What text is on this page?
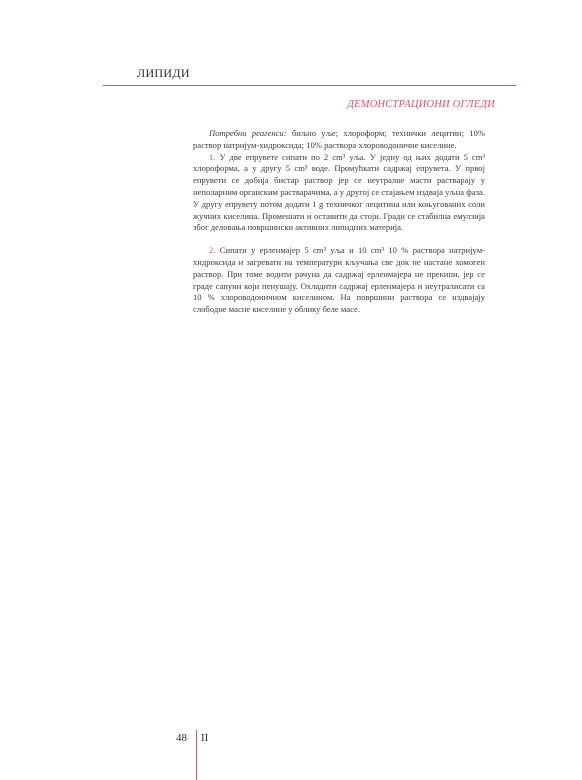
ЛИПИДИ
ДЕМОНСТРАЦИОНИ ОГЛЕДИ

Потребни реагенси: биљно уље; хлороформ; технички лецитин; 10% раствор натријум-хидроксида; 10% раствора хлороводоничне киселине.

1. У две епрувете сипати по 2 cm³ уља. У једну од њих додати 5 cm³ хлороформа, а у другу 5 cm³ воде. Промућкати садржај епрувета. У првој епрувети се добија бистар раствор јер се неутралне масти растварају у неполарним органским растварачима, а у другој се стајањем издваја уљна фаза. У другу епрувету потом додати 1 g техничког лецитина или коњугованих соли жучних киселина. Промешати и оставити да стоји. Гради се стабилна емулзија због деловања површински активних липидних материја.

2. Сипати у ерленмајер 5 cm³ уља и 10 cm³ 10 % раствора натријум-хидроксида и загревати на температури кључања све док не настане хомоген раствор. При томе водити рачуна да садржај ерленмајера не прекипи, јер се граде сапуни који пенушају. Охладити садржај ерленмајера и неутралисати са 10 % хлороводоничном киселином. На површини раствора се издвајају слободне масне киселине у облику беле масе.

48 II
